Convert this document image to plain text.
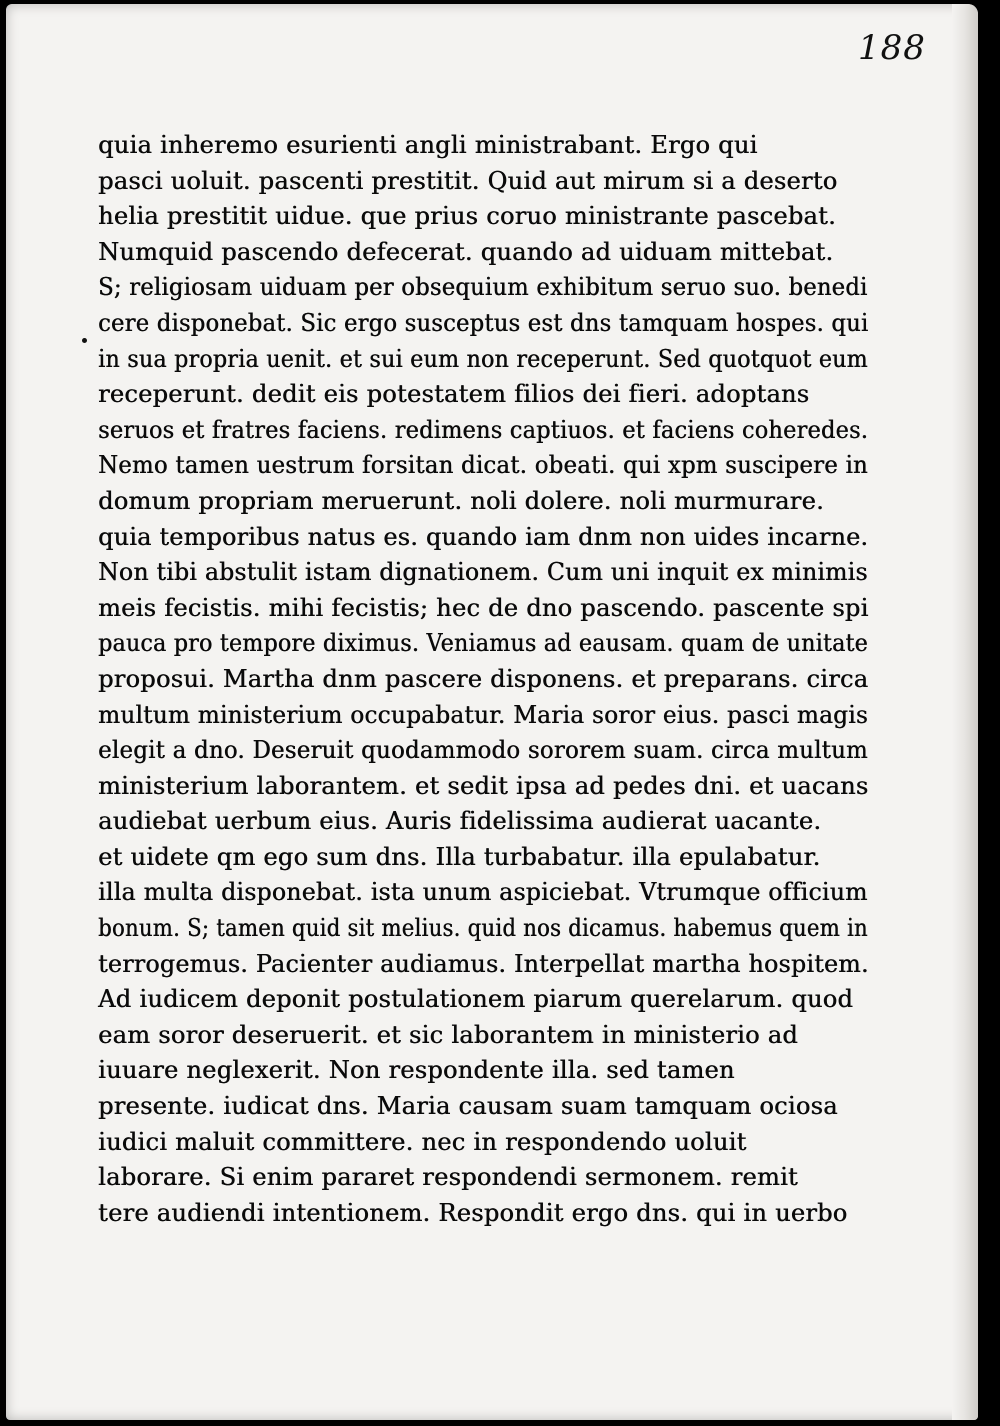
188
quia inheremo esurienti angli ministrabant. Ergo qui
pasci uoluit. pascenti prestitit. Quid aut mirum si a deserto
helia prestitit uidue. que prius coruo ministrante pascebat.
Numquid pascendo defecerat. quando ad uiduam mittebat.
S; religiosam uiduam per obsequium exhibitum seruo suo. benedi
cere disponebat. Sic ergo susceptus est dns tamquam hospes. qui
in sua propria uenit. et sui eum non receperunt. Sed quotquot eum
receperunt. dedit eis potestatem filios dei fieri. adoptans
seruos et fratres faciens. redimens captiuos. et faciens coheredes.
Nemo tamen uestrum forsitan dicat. obeati. qui xpm suscipere in
domum propriam meruerunt. noli dolere. noli murmurare.
quia temporibus natus es. quando iam dnm non uides incarne.
Non tibi abstulit istam dignationem. Cum uni inquit ex minimis
meis fecistis. mihi fecistis; hec de dno pascendo. pascente spi
pauca pro tempore diximus. Veniamus ad eausam. quam de unitate
proposui. Martha dnm pascere disponens. et preparans. circa
multum ministerium occupabatur. Maria soror eius. pasci magis
elegit a dno. Deseruit quodammodo sororem suam. circa multum
ministerium laborantem. et sedit ipsa ad pedes dni. et uacans
audiebat uerbum eius. Auris fidelissima audierat uacante.
et uidete qm ego sum dns. Illa turbabatur. illa epulabatur.
illa multa disponebat. ista unum aspiciebat. Vtrumque officium
bonum. S; tamen quid sit melius. quid nos dicamus. habemus quem in
terrogemus. Pacienter audiamus. Interpellat martha hospitem.
Ad iudicem deponit postulationem piarum querelarum. quod
eam soror deseruerit. et sic laborantem in ministerio ad
iuuare neglexerit. Non respondente illa. sed tamen
presente. iudicat dns. Maria causam suam tamquam ociosa
iudici maluit committere. nec in respondendo uoluit
laborare. Si enim pararet respondendi sermonem. remit
tere audiendi intentionem. Respondit ergo dns. qui in uerbo
